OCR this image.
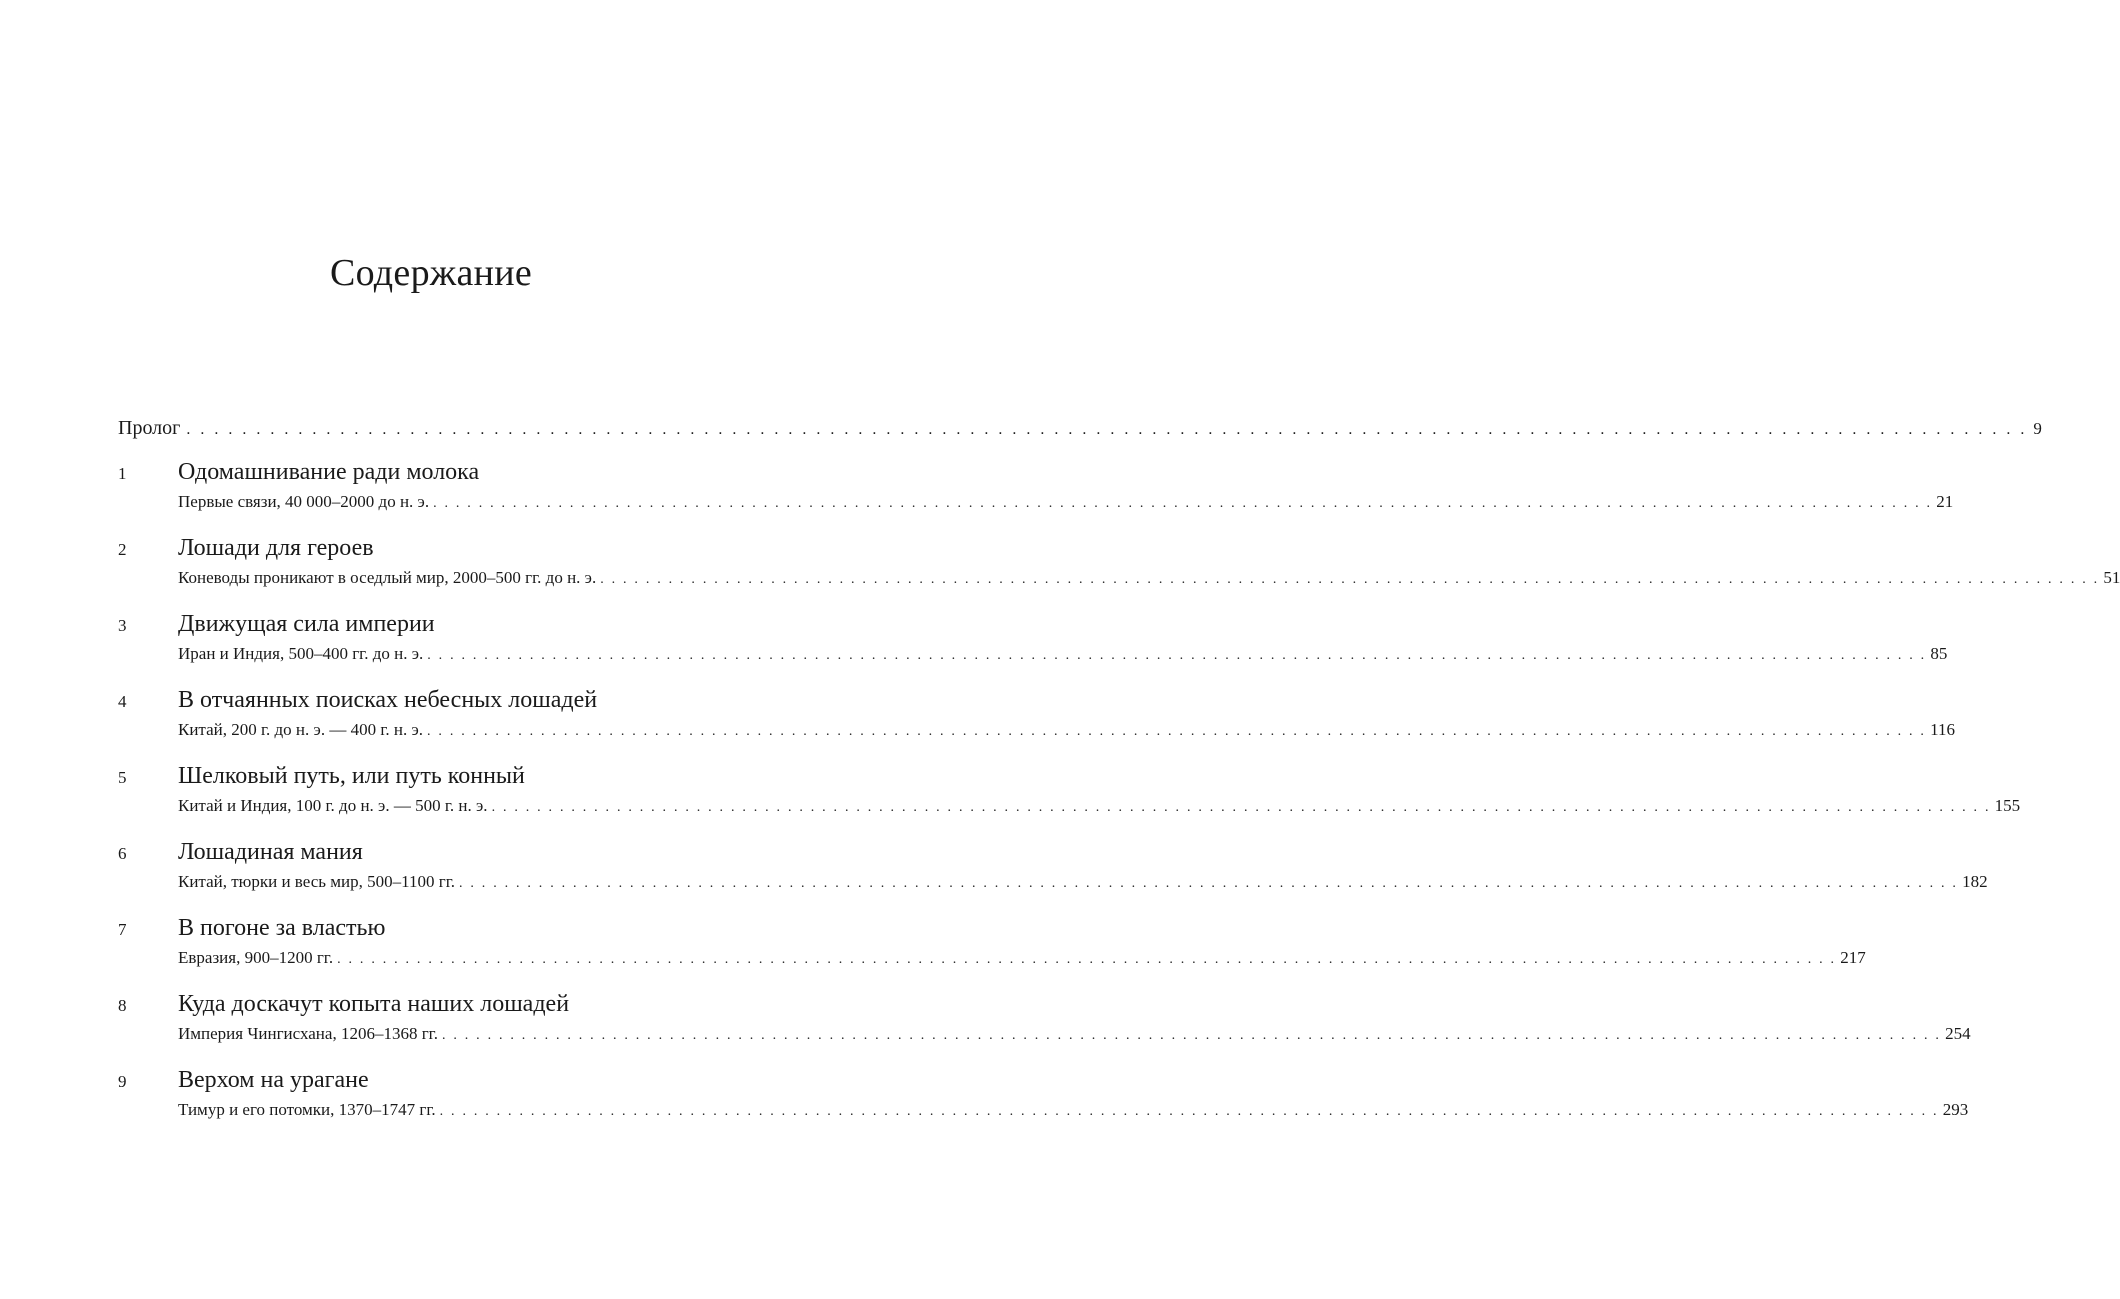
Содержание
Пролог . . .	9
1 Одомашнивание ради молока
Первые связи, 40 000–2000 до н. э. . . .	21
2 Лошади для героев
Коневоды проникают в оседлый мир, 2000–500 гг. до н. э. . . .	51
3 Движущая сила империи
Иран и Индия, 500–400 гг. до н. э. . . .	85
4 В отчаянных поисках небесных лошадей
Китай, 200 г. до н. э. — 400 г. н. э. . . .	116
5 Шелковый путь, или путь конный
Китай и Индия, 100 г. до н. э. — 500 г. н. э. . . .	155
6 Лошадиная мания
Китай, тюрки и весь мир, 500–1100 гг. . . .	182
7 В погоне за властью
Евразия, 900–1200 гг. . . .	217
8 Куда доскачут копыта наших лошадей
Империя Чингисхана, 1206–1368 гг. . . .	254
9 Верхом на урагане
Тимур и его потомки, 1370–1747 гг. . . .	293
